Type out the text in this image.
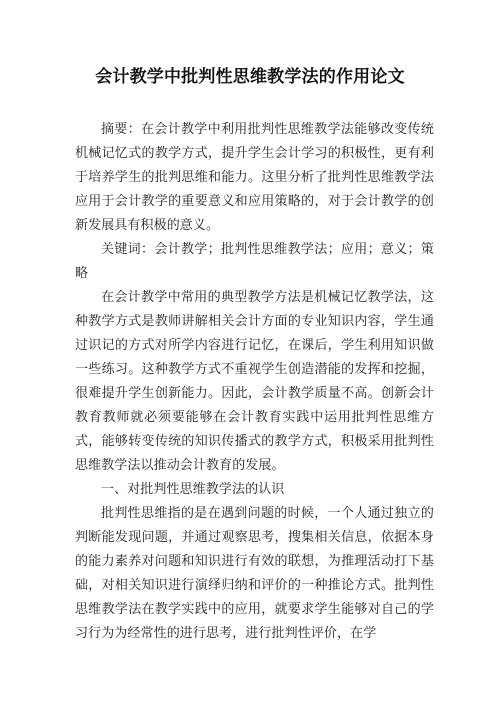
会计教学中批判性思维教学法的作用论文

摘要：在会计教学中利用批判性思维教学法能够改变传统机械记忆式的教学方式，提升学生会计学习的积极性，更有利于培养学生的批判思维和能力。这里分析了批判性思维教学法应用于会计教学的重要意义和应用策略的，对于会计教学的创新发展具有积极的意义。

关键词：会计教学；批判性思维教学法；应用；意义；策略

在会计教学中常用的典型教学方法是机械记忆教学法，这种教学方式是教师讲解相关会计方面的专业知识内容，学生通过识记的方式对所学内容进行记忆，在课后，学生利用知识做一些练习。这种教学方式不重视学生创造潜能的发挥和挖掘，很难提升学生创新能力。因此，会计教学质量不高。创新会计教育教师就必须要能够在会计教育实践中运用批判性思维方式，能够转变传统的知识传播式的教学方式，积极采用批判性思维教学法以推动会计教育的发展。

一、对批判性思维教学法的认识

批判性思维指的是在遇到问题的时候，一个人通过独立的判断能发现问题，并通过观察思考，搜集相关信息，依据本身的能力素养对问题和知识进行有效的联想，为推理活动打下基础，对相关知识进行演绎归纳和评价的一种推论方式。批判性思维教学法在教学实践中的应用，就要求学生能够对自己的学习行为为经常性的进行思考，进行批判性评价，在学
